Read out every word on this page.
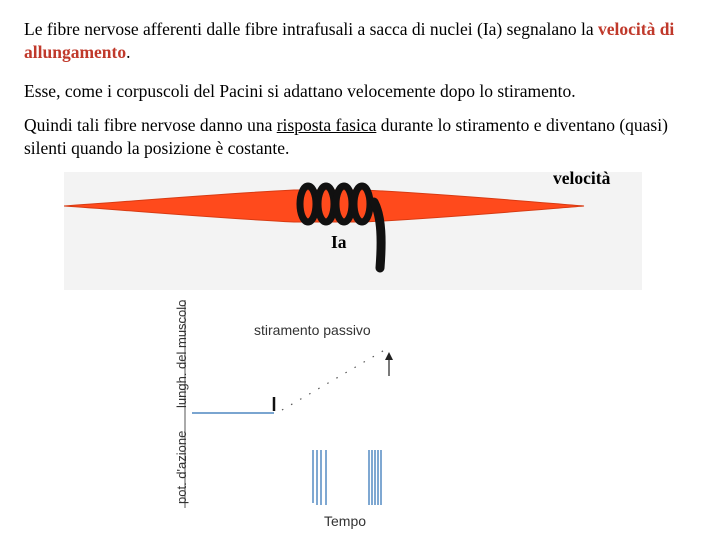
Le fibre nervose afferenti dalle fibre intrafusali a sacca di nuclei (Ia) segnalano la velocità di allungamento.

Esse, come i corpuscoli del Pacini si adattano velocemente dopo lo stiramento.

Quindi tali fibre nervose danno una risposta fasica durante lo stiramento e diventano (quasi) silenti quando la posizione è costante.

velocità
Ia
lungh. del muscolo
pot. d'azione
stiramento passivo
Tempo
